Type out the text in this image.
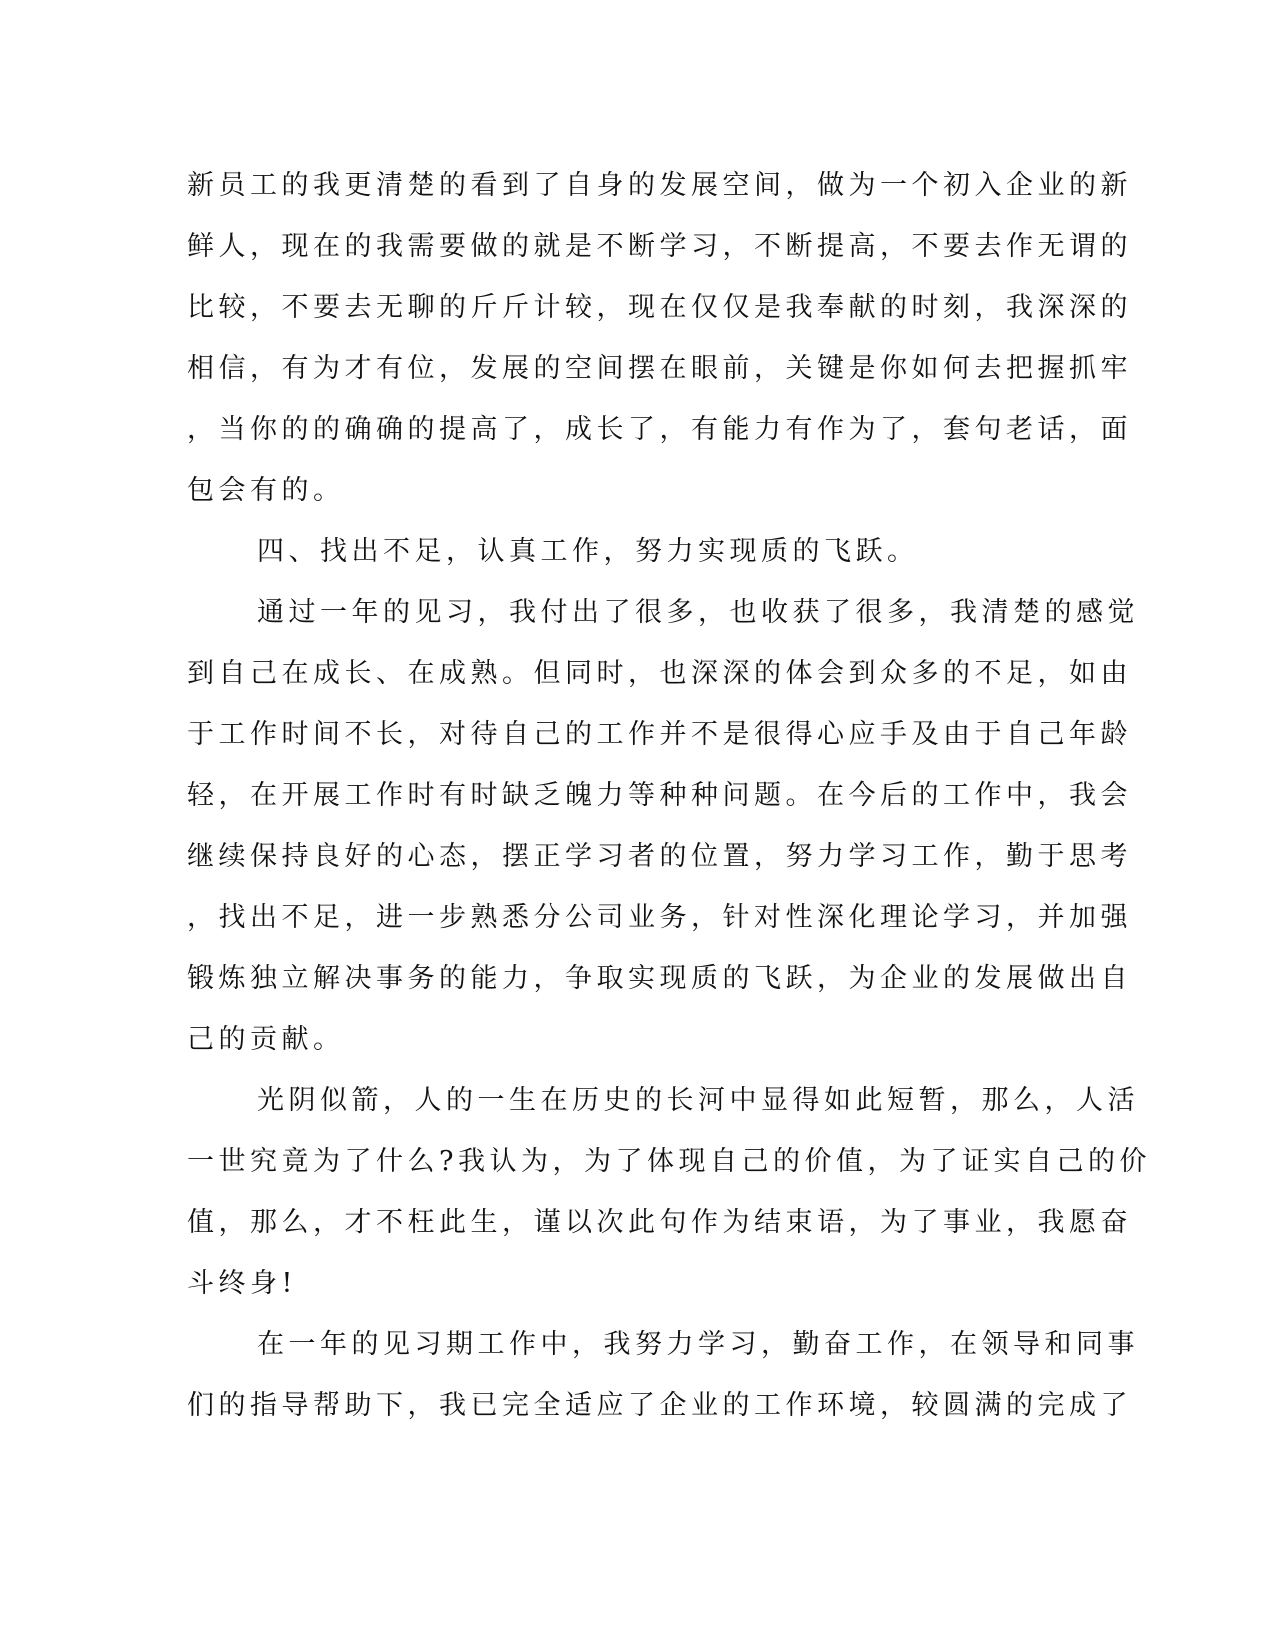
新员工的我更清楚的看到了自身的发展空间，做为一个初入企业的新
鲜人，现在的我需要做的就是不断学习，不断提高，不要去作无谓的
比较，不要去无聊的斤斤计较，现在仅仅是我奉献的时刻，我深深的
相信，有为才有位，发展的空间摆在眼前，关键是你如何去把握抓牢
，当你的的确确的提高了，成长了，有能力有作为了，套句老话，面
包会有的。
四、找出不足，认真工作，努力实现质的飞跃。
通过一年的见习，我付出了很多，也收获了很多，我清楚的感觉
到自己在成长、在成熟。但同时，也深深的体会到众多的不足，如由
于工作时间不长，对待自己的工作并不是很得心应手及由于自己年龄
轻，在开展工作时有时缺乏魄力等种种问题。在今后的工作中，我会
继续保持良好的心态，摆正学习者的位置，努力学习工作，勤于思考
，找出不足，进一步熟悉分公司业务，针对性深化理论学习，并加强
锻炼独立解决事务的能力，争取实现质的飞跃，为企业的发展做出自
己的贡献。
光阴似箭，人的一生在历史的长河中显得如此短暂，那么，人活
一世究竟为了什么?我认为，为了体现自己的价值，为了证实自己的价
值，那么，才不枉此生，谨以次此句作为结束语，为了事业，我愿奋
斗终身!
在一年的见习期工作中，我努力学习，勤奋工作，在领导和同事
们的指导帮助下，我已完全适应了企业的工作环境，较圆满的完成了
